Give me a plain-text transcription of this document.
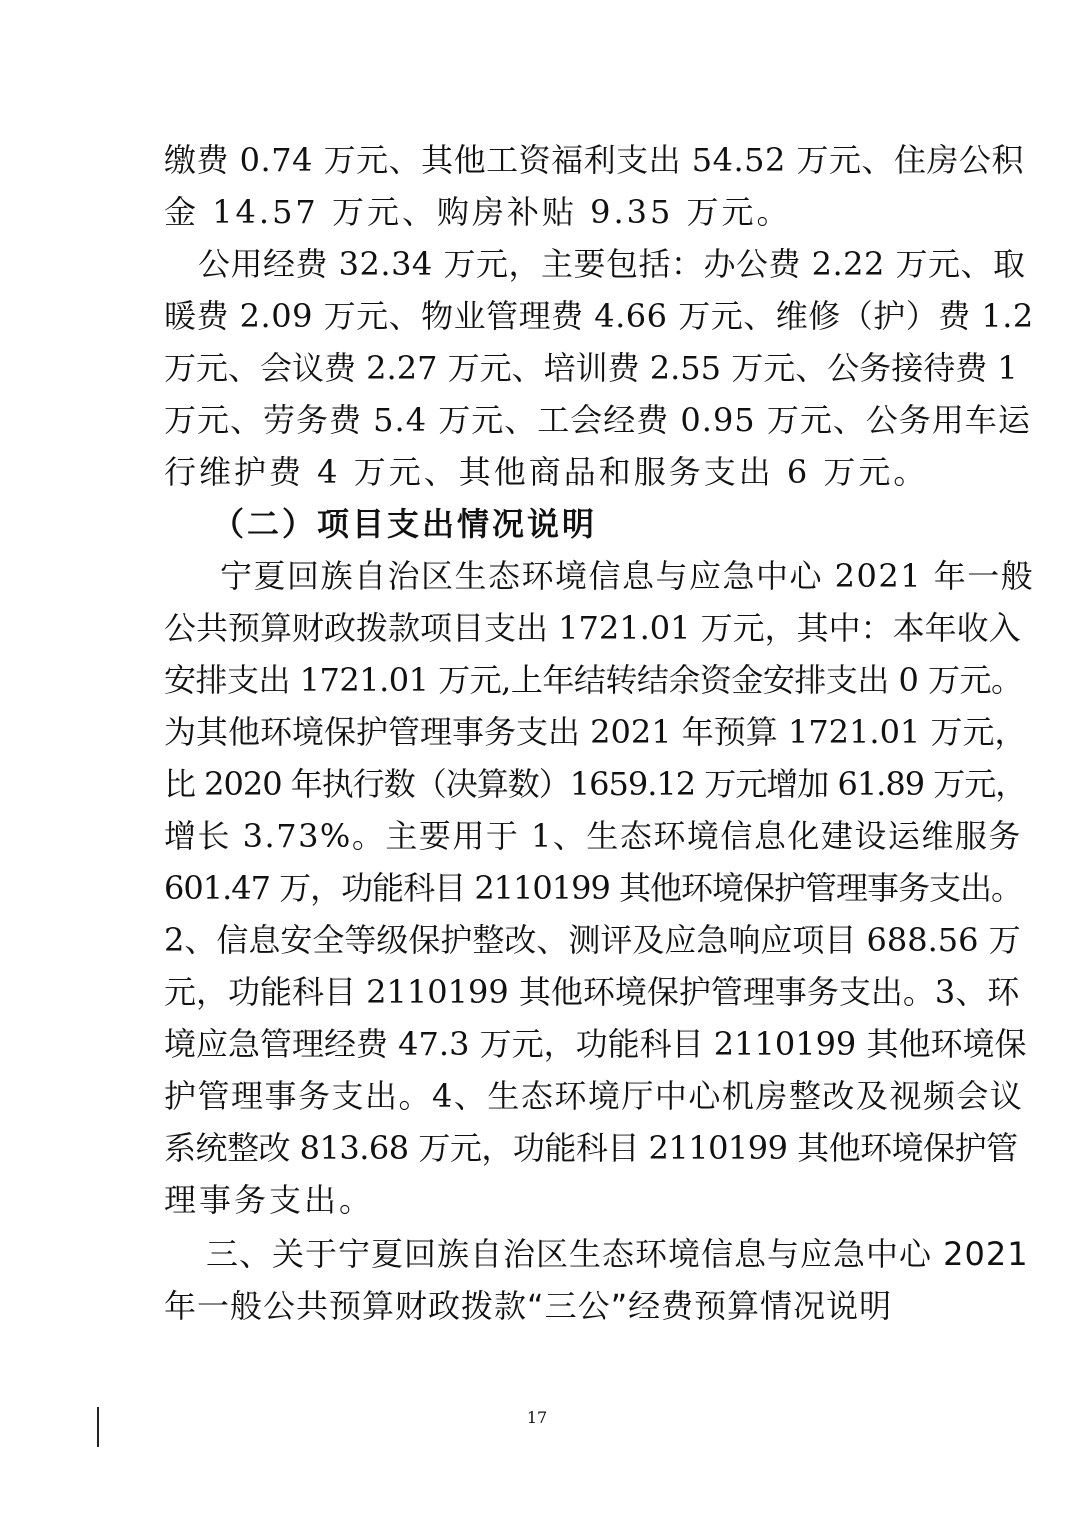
缴费 0.74 万元、其他工资福利支出 54.52 万元、住房公积
金 14.57 万元、购房补贴 9.35 万元。
公用经费 32.34 万元，主要包括：办公费 2.22 万元、取
暖费 2.09 万元、物业管理费 4.66 万元、维修（护）费 1.2
万元、会议费 2.27 万元、培训费 2.55 万元、公务接待费 1
万元、劳务费 5.4 万元、工会经费 0.95 万元、公务用车运
行维护费 4 万元、其他商品和服务支出 6 万元。
（二）项目支出情况说明
宁夏回族自治区生态环境信息与应急中心 2021 年一般
公共预算财政拨款项目支出 1721.01 万元，其中：本年收入
安排支出 1721.01 万元,上年结转结余资金安排支出 0 万元。
为其他环境保护管理事务支出 2021 年预算 1721.01 万元，
比 2020 年执行数（决算数）1659.12 万元增加 61.89 万元，
增长 3.73%。主要用于 1、生态环境信息化建设运维服务
601.47 万，功能科目 2110199 其他环境保护管理事务支出。
2、信息安全等级保护整改、测评及应急响应项目 688.56 万
元，功能科目 2110199 其他环境保护管理事务支出。3、环
境应急管理经费 47.3 万元，功能科目 2110199 其他环境保
护管理事务支出。4、生态环境厅中心机房整改及视频会议
系统整改 813.68 万元，功能科目 2110199 其他环境保护管
理事务支出。
三、关于宁夏回族自治区生态环境信息与应急中心 2021
年一般公共预算财政拨款“三公”经费预算情况说明
17
